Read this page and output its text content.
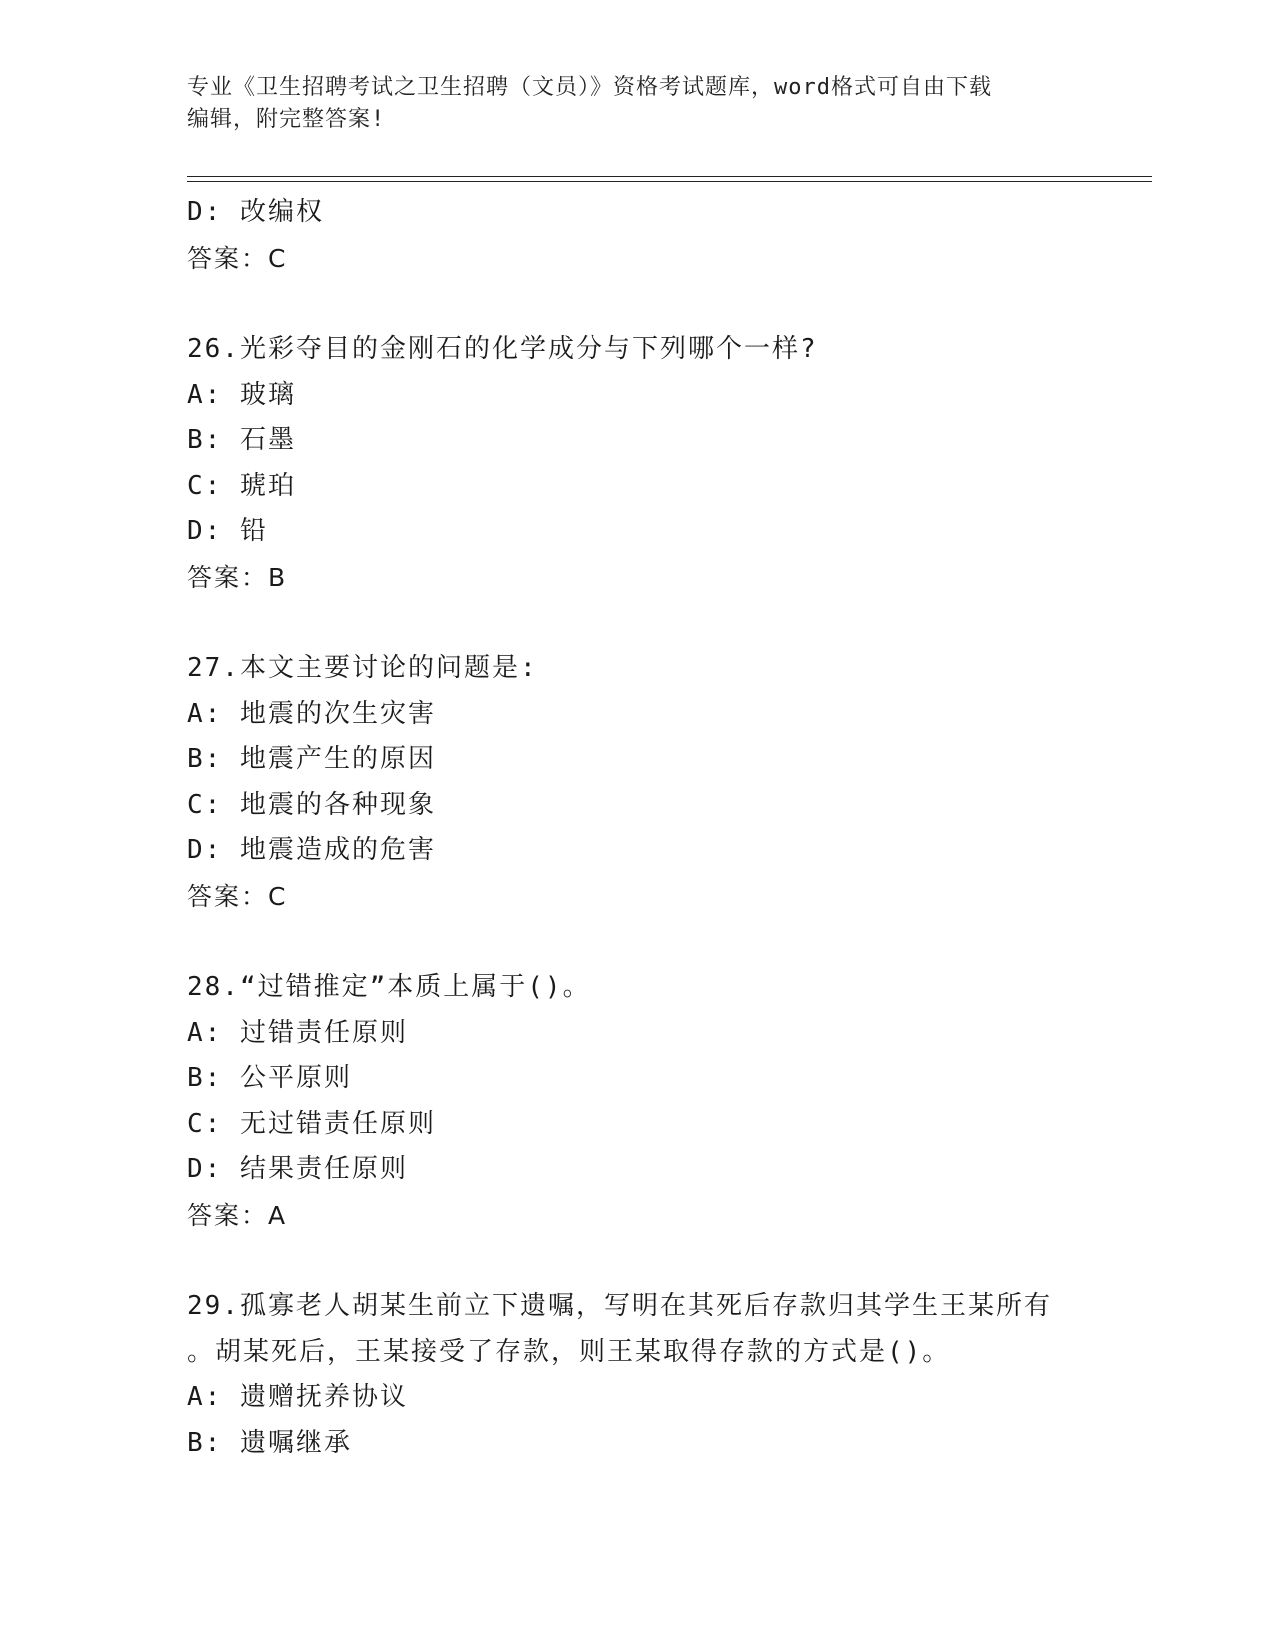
专业《卫生招聘考试之卫生招聘（文员）》资格考试题库，word格式可自由下载
编辑，附完整答案!
D: 改编权
答案：C
26.光彩夺目的金刚石的化学成分与下列哪个一样?
A: 玻璃
B: 石墨
C: 琥珀
D: 铅
答案：B
27.本文主要讨论的问题是:
A: 地震的次生灾害
B: 地震产生的原因
C: 地震的各种现象
D: 地震造成的危害
答案：C
28.“过错推定”本质上属于()。
A: 过错责任原则
B: 公平原则
C: 无过错责任原则
D: 结果责任原则
答案：A
29.孤寡老人胡某生前立下遗嘱，写明在其死后存款归其学生王某所有
。胡某死后，王某接受了存款，则王某取得存款的方式是()。
A: 遗赠抚养协议
B: 遗嘱继承
